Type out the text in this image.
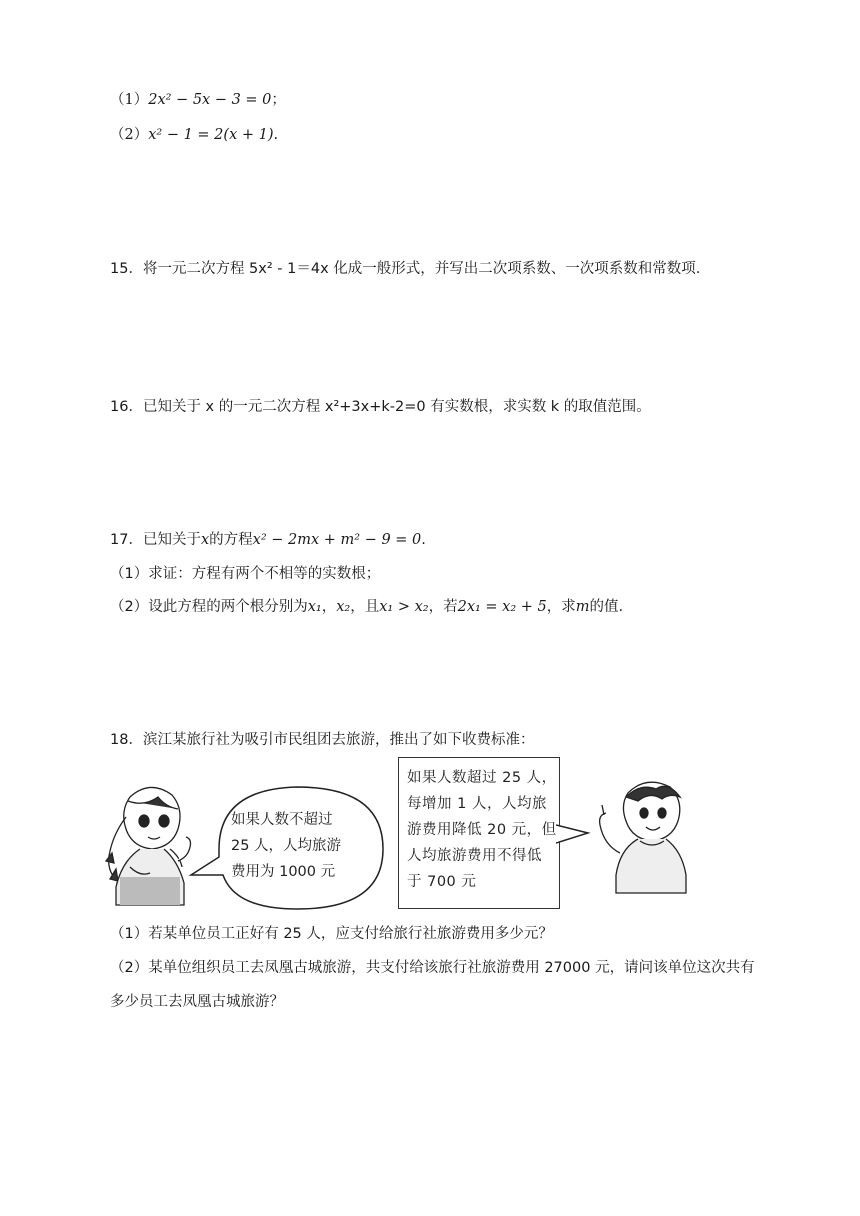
（1）2x² − 5x − 3 = 0；
（2）x² − 1 = 2(x + 1).
15．将一元二次方程 5x² - 1＝4x 化成一般形式，并写出二次项系数、一次项系数和常数项.
16．已知关于 x 的一元二次方程 x²+3x+k-2=0 有实数根，求实数 k 的取值范围。
17．已知关于x的方程x² − 2mx + m² − 9 = 0.
（1）求证：方程有两个不相等的实数根；
（2）设此方程的两个根分别为x₁，x₂，且x₁ > x₂，若2x₁ = x₂ + 5，求m的值.
18．滨江某旅行社为吸引市民组团去旅游，推出了如下收费标准：
如果人数不超过
25 人，人均旅游
费用为 1000 元
如果人数超过 25 人，
每增加 1 人，人均旅
游费用降低 20 元，但
人均旅游费用不得低
于 700 元
（1）若某单位员工正好有 25 人，应支付给旅行社旅游费用多少元？
（2）某单位组织员工去凤凰古城旅游，共支付给该旅行社旅游费用 27000 元，请问该单位这次共有
多少员工去凤凰古城旅游？
